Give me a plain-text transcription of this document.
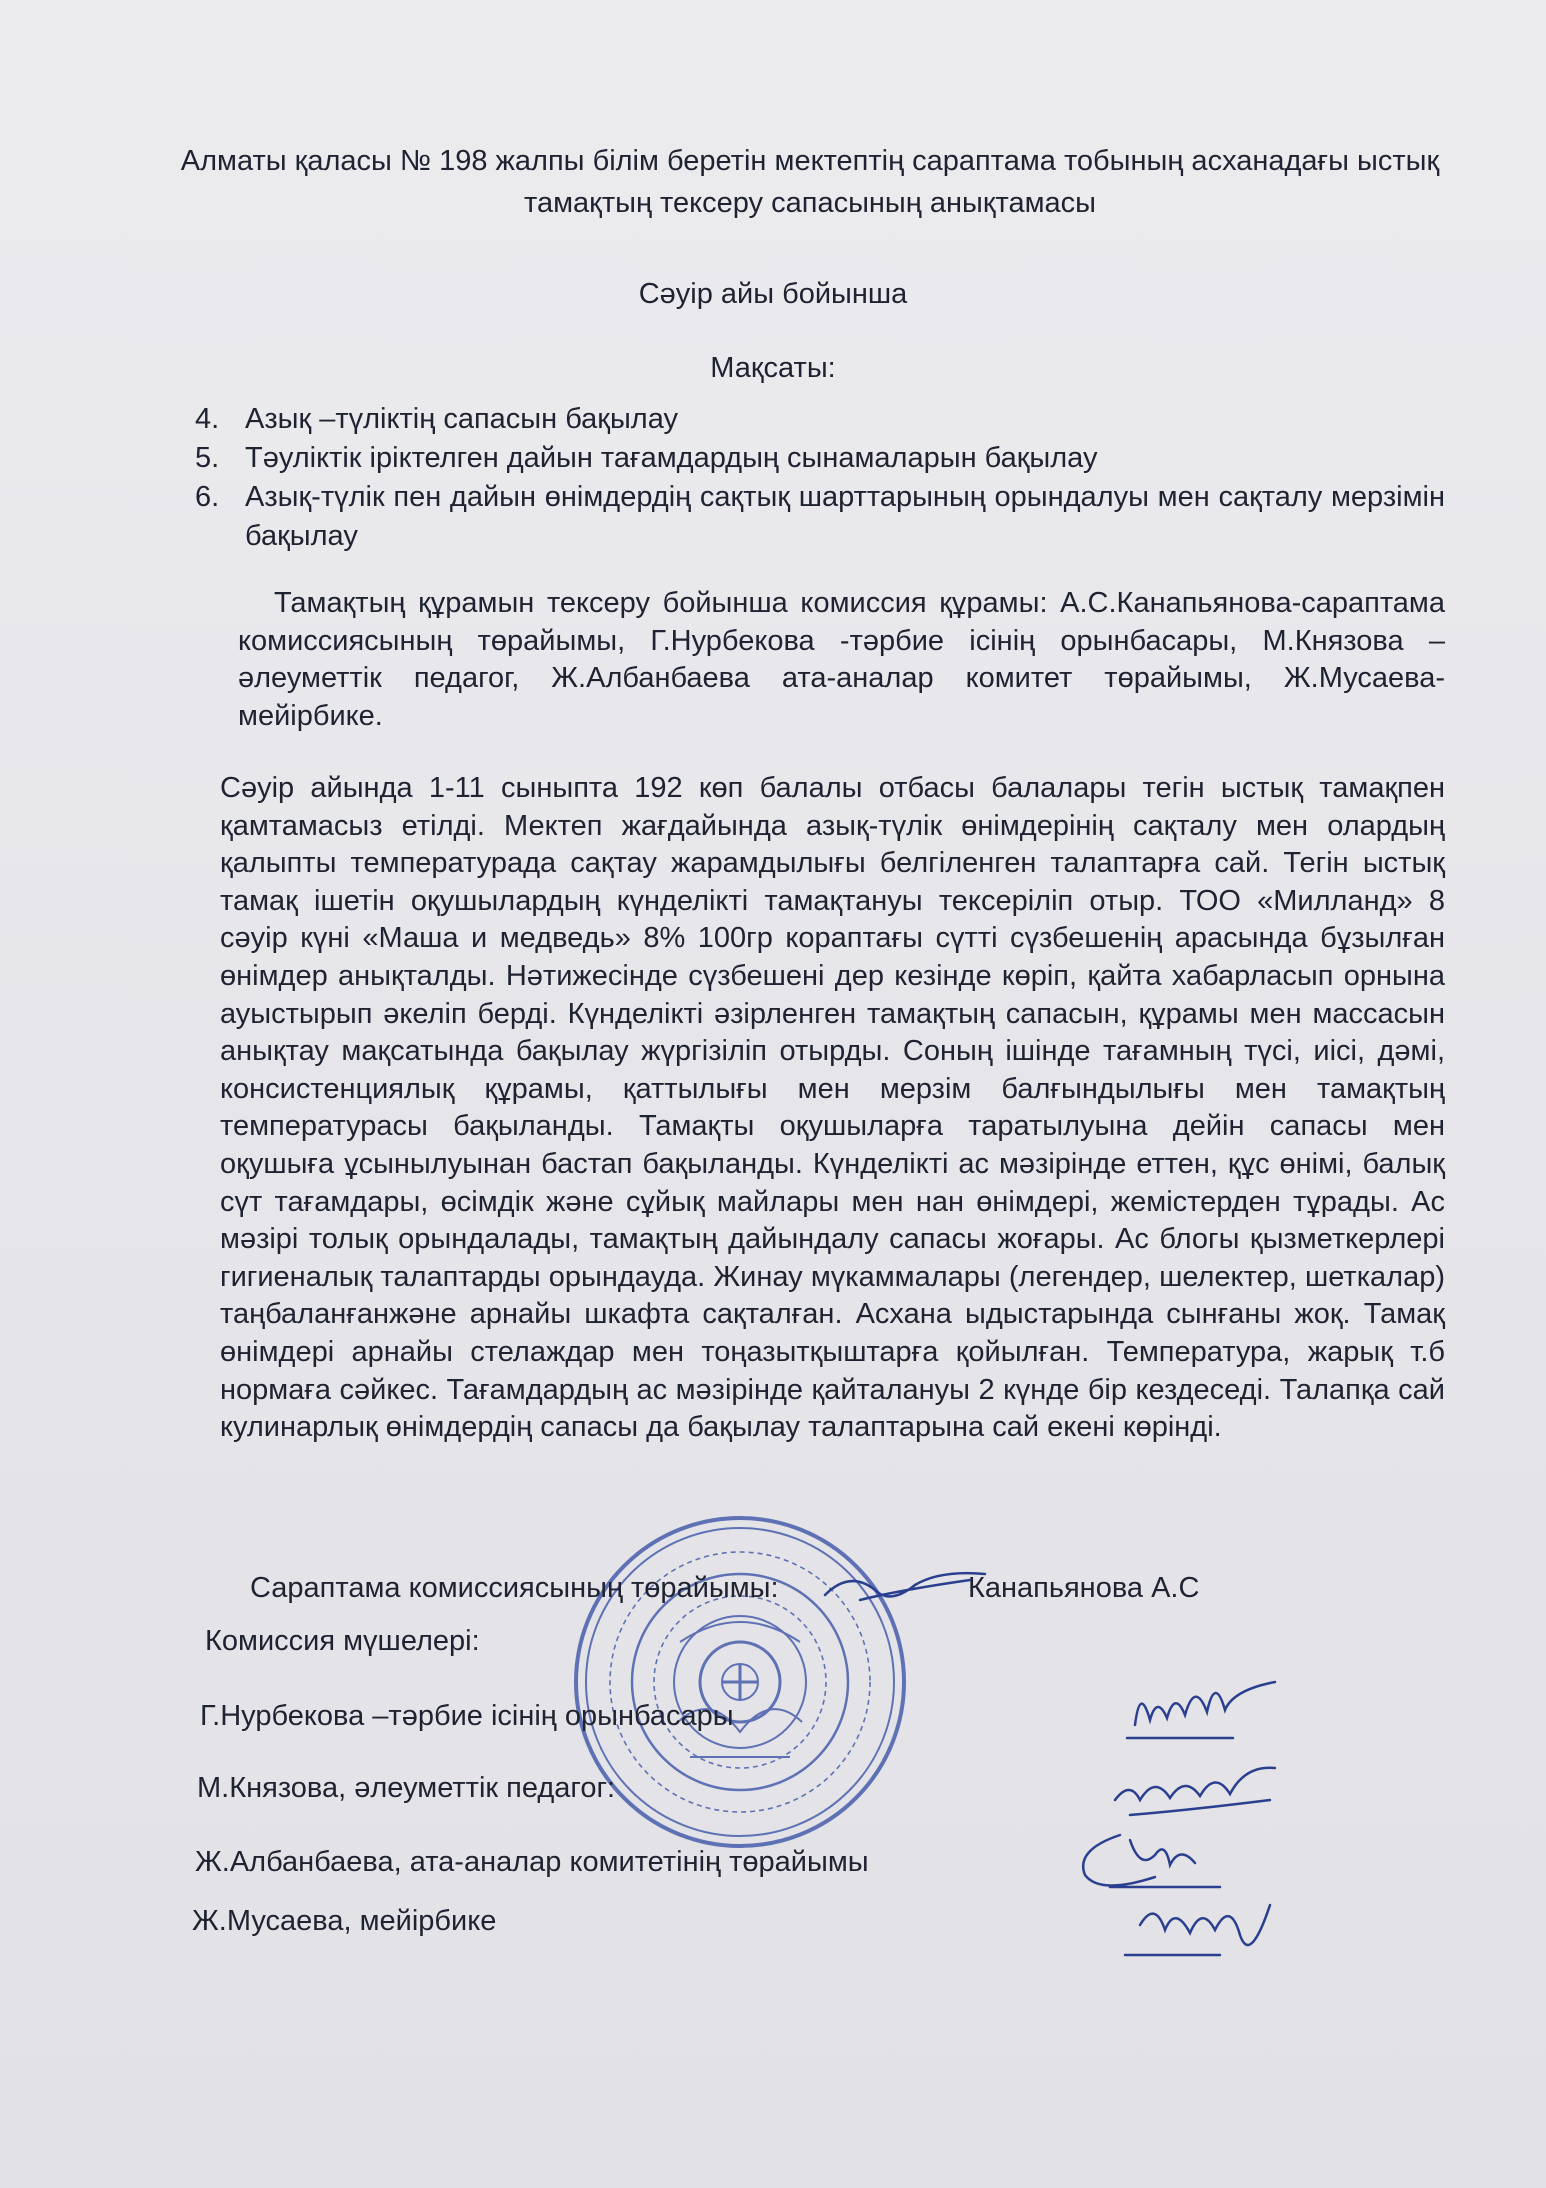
Алматы қаласы № 198 жалпы білім беретін мектептің сараптама тобының асханадағы ыстық
тамақтың тексеру сапасының анықтамасы
Сәуір айы бойынша
Мақсаты:
4. Азық –түліктің сапасын бақылау
5. Тәуліктік іріктелген дайын тағамдардың сынамаларын бақылау
6. Азық-түлік пен дайын өнімдердің сақтық шарттарының орындалуы мен сақталу мерзімін бақылау
Тамақтың құрамын тексеру бойынша комиссия құрамы: А.С.Канапьянова-сараптама комиссиясының төрайымы, Г.Нурбекова -тәрбие ісінің орынбасары, М.Князова – әлеуметтік педагог, Ж.Албанбаева ата-аналар комитет төрайымы, Ж.Мусаева-мейірбике.
Сәуір айында 1-11 сыныпта 192 көп балалы отбасы балалары тегін ыстық тамақпен қамтамасыз етілді. Мектеп жағдайында азық-түлік өнімдерінің сақталу мен олардың қалыпты температурада сақтау жарамдылығы белгіленген талаптарға сай. Тегін ыстық тамақ ішетін оқушылардың күнделікті тамақтануы тексеріліп отыр. ТОО «Милланд» 8 сәуір күні «Маша и медведь» 8% 100гр корaптағы сүтті сүзбешенің арасында бұзылған өнімдер анықталды. Нәтижесінде сүзбешені дер кезінде көріп, қайта хабарласып орнына ауыстырып әкеліп берді. Күнделікті әзірленген тамақтың сапасын, құрамы мен массасын анықтау мақсатында бақылау жүргізіліп отырды. Соның ішінде тағамның түсі, иісі, дәмі, консистенциялық құрамы, қаттылығы мен мерзім балғындылығы мен тамақтың температурасы бақыланды. Тамақты оқушыларға таратылуына дейін сапасы мен оқушыға ұсынылуынан бастап бақыланды. Күнделікті ас мәзірінде еттен, құс өнімі, балық сүт тағамдары, өсімдік және сұйық майлары мен нан өнімдері, жемістерден тұрады. Ас мәзірі толық орындалады, тамақтың дайындалу сапасы жоғары. Ас блогы қызметкерлері гигиеналық талаптарды орындауда. Жинау мүкаммалары (легендер, шелектер, шеткалар) таңбаланғанжәне арнайы шкафта сақталған. Асхана ыдыстарында сынғаны жоқ. Тамақ өнімдері арнайы стелаждар мен тоңазытқыштарға қойылған. Температура, жарық т.б нормаға сәйкес. Тағамдардың ас мәзірінде қайталануы 2 күнде бір кездеседі. Талапқа сай кулинарлық өнімдердің сапасы да бақылау талаптарына сай екені көрінді.
Сараптама комиссиясының төрайымы:	Канапьянова А.С
Комиссия мүшелері:
Г.Нурбекова –тәрбие ісінің орынбасары
М.Князова, әлеуметтік педагог:
Ж.Албанбаева, ата-аналар комитетінің төрайымы
Ж.Мусаева, мейірбике
